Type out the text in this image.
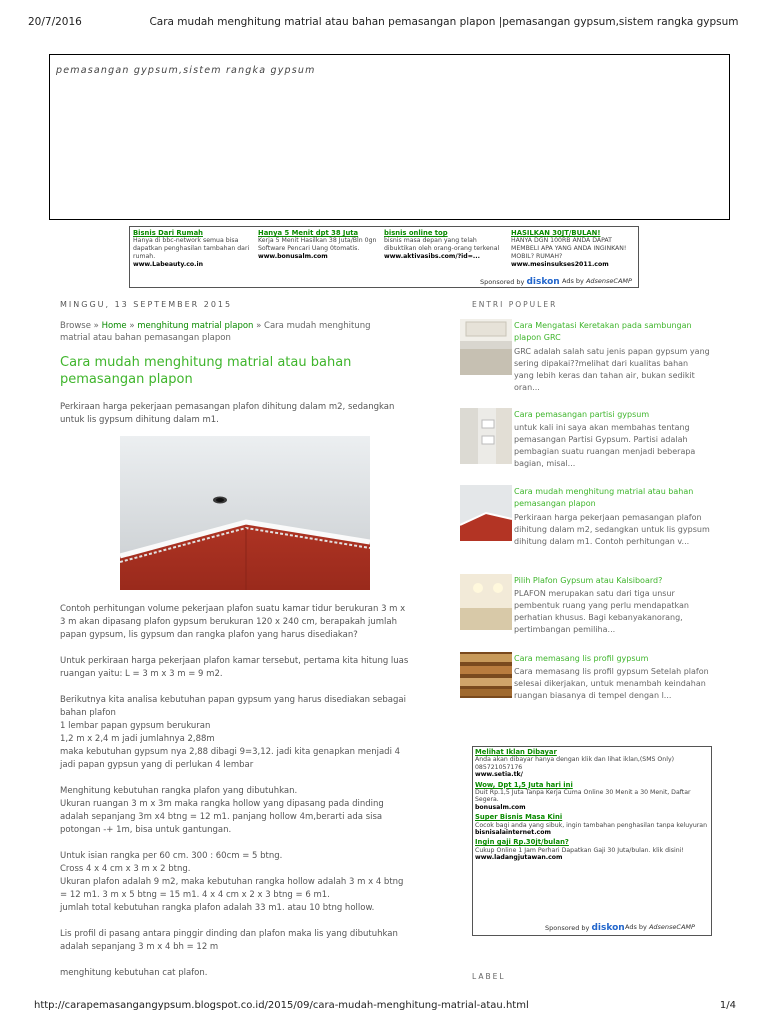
20/7/2016	Cara mudah menghitung matrial atau bahan pemasangan plapon |pemasangan gypsum,sistem rangka gypsum
pemasangan gypsum,sistem rangka gypsum
Bisnis Dari Rumah
Hanya di bbc-network semua bisa dapatkan penghasilan tambahan dari rumah.
www.Labeauty.co.in
Hanya 5 Menit dpt 38 Juta
Kerja 5 Menit Hasilkan 38 Juta/Bln 0gn Software Pencari Uang 0tomatis.
www.bonusalm.com
bisnis online top
bisnis masa depan yang telah dibuktikan oleh orang-orang terkenal
www.aktivasibs.com/?id=...
HASILKAN 30JT/BULAN!
HANYA DGN 100RB ANDA DAPAT MEMBELI APA YANG ANDA INGINKAN! MOBIL? RUMAH?
www.mesinsukses2011.com
Sponsored by diskon Ads by AdsenseCAMP
MINGGU, 13 SEPTEMBER 2015
Browse » Home » menghitung matrial plapon » Cara mudah menghitung matrial atau bahan pemasangan plapon
Cara mudah menghitung matrial atau bahan pemasangan plapon
Perkiraan harga pekerjaan pemasangan plafon dihitung dalam m2, sedangkan untuk lis gypsum dihitung dalam m1.

Contoh perhitungan volume pekerjaan plafon suatu kamar tidur berukuran 3 m x 3 m akan dipasang plafon gypsum berukuran 120 x 240 cm, berapakah jumlah papan gypsum, lis gypsum dan rangka plafon yang harus disediakan?

Untuk perkiraan harga pekerjaan plafon kamar tersebut, pertama kita hitung luas ruangan yaitu: L = 3 m x 3 m = 9 m2.

Berikutnya kita analisa kebutuhan papan gypsum yang harus disediakan sebagai bahan plafon
1 lembar papan gypsum berukuran
1,2 m x 2,4 m jadi jumlahnya 2,88m
maka kebutuhan gypsum nya 2,88 dibagi 9=3,12. jadi kita genapkan menjadi 4
jadi papan gypsun yang di perlukan 4 lembar

Menghitung kebutuhan rangka plafon yang dibutuhkan.
Ukuran ruangan 3 m x 3m maka rangka hollow yang dipasang pada dinding adalah sepanjang 3m x4 btng = 12 m1. panjang hollow 4m,berarti ada sisa potongan -+ 1m, bisa untuk gantungan.

Untuk isian rangka per 60 cm. 300 : 60cm = 5 btng.
Cross 4 x 4 cm x 3 m x 2 btng.
Ukuran plafon adalah 9 m2, maka kebutuhan rangka hollow adalah 3 m x 4 btng = 12 m1. 3 m x 5 btng = 15 m1. 4 x 4 cm x 2 x 3 btng = 6 m1.
jumlah total kebutuhan rangka plafon adalah 33 m1. atau 10 btng hollow.

Lis profil di pasang antara pinggir dinding dan plafon maka lis yang dibutuhkan adalah sepanjang 3 m x 4 bh = 12 m

menghitung kebutuhan cat plafon.

ENTRI POPULER
Cara Mengatasi Keretakan pada sambungan plapon GRC
GRC adalah salah satu jenis papan gypsum yang sering dipakai??melihat dari kualitas bahan yang lebih keras dan tahan air, bukan sedikit oran...
Cara pemasangan partisi gypsum
untuk kali ini saya akan membahas tentang pemasangan Partisi Gypsum. Partisi adalah pembagian suatu ruangan menjadi beberapa bagian, misal...
Cara mudah menghitung matrial atau bahan pemasangan plapon
Perkiraan harga pekerjaan pemasangan plafon dihitung dalam m2, sedangkan untuk lis gypsum dihitung dalam m1. Contoh perhitungan v...
Pilih Plafon Gypsum atau Kalsiboard?
PLAFON merupakan satu dari tiga unsur pembentuk ruang yang perlu mendapatkan perhatian khusus. Bagi kebanyakanorang, pertimbangan pemiliha...
Cara memasang lis profil gypsum
Cara memasang lis profil gypsum Setelah plafon selesai dikerjakan, untuk menambah keindahan ruangan biasanya di tempel dengan l...
Melihat Iklan Dibayar
Anda akan dibayar hanya dengan klik dan lihat iklan,(SMS Only) 085721057176
www.setia.tk/
Wow, Dpt 1,5 Juta hari ini
Duit Rp.1,5 Juta Tanpa Kerja Cuma Online 30 Menit a 30 Menit, Daftar Segera.
bonusalm.com
Super Bisnis Masa Kini
Cocok bagi anda yang sibuk, ingin tambahan penghasilan tanpa keluyuran
bisnisalainternet.com
Ingin gaji Rp.30jt/bulan?
Cukup Online 1 Jam Perhari Dapatkan Gaji 30 Juta/bulan. klik disini!
www.ladangjutawan.com
Sponsored by diskon Ads by AdsenseCAMP
LABEL
http://carapemasangangypsum.blogspot.co.id/2015/09/cara-mudah-menghitung-matrial-atau.html	1/4
